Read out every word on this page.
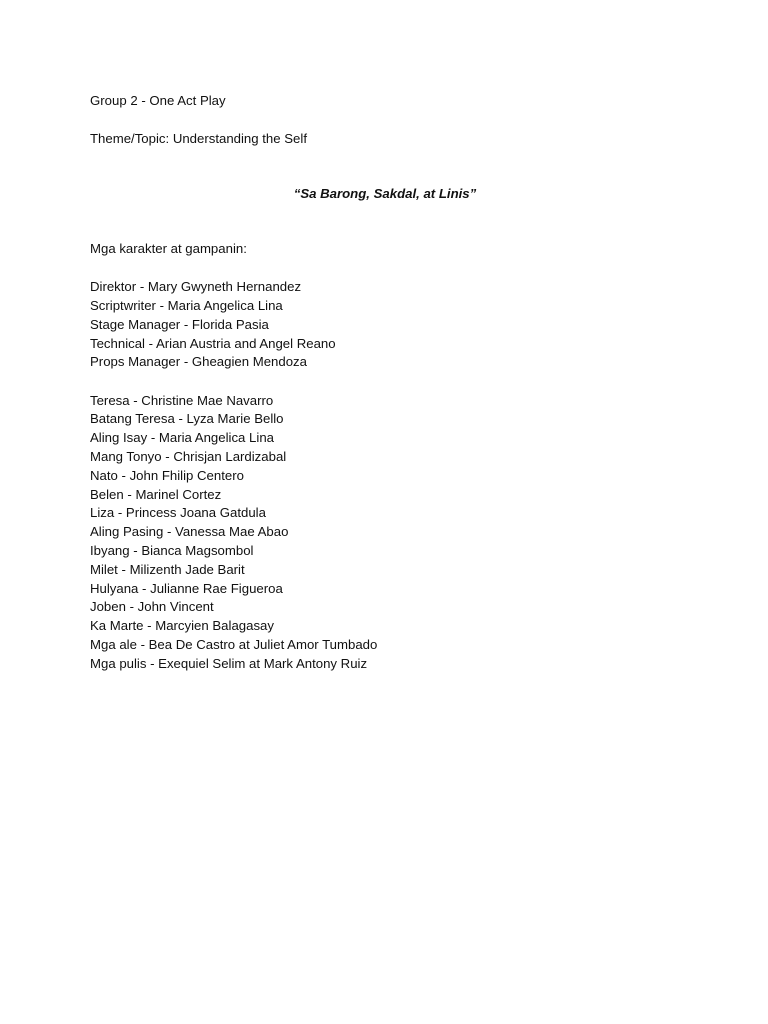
Group 2 - One Act Play
Theme/Topic: Understanding the Self
“Sa Barong, Sakdal, at Linis”
Mga karakter at gampanin:
Direktor - Mary Gwyneth Hernandez
Scriptwriter - Maria Angelica Lina
Stage Manager - Florida Pasia
Technical - Arian Austria and Angel Reano
Props Manager - Gheagien Mendoza
Teresa - Christine Mae Navarro
Batang Teresa - Lyza Marie Bello
Aling Isay - Maria Angelica Lina
Mang Tonyo - Chrisjan Lardizabal
Nato - John Fhilip Centero
Belen - Marinel Cortez
Liza - Princess Joana Gatdula
Aling Pasing - Vanessa Mae Abao
Ibyang - Bianca Magsombol
Milet - Milizenth Jade Barit
Hulyana - Julianne Rae Figueroa
Joben - John Vincent
Ka Marte - Marcyien Balagasay
Mga ale - Bea De Castro at Juliet Amor Tumbado
Mga pulis - Exequiel Selim at Mark Antony Ruiz
